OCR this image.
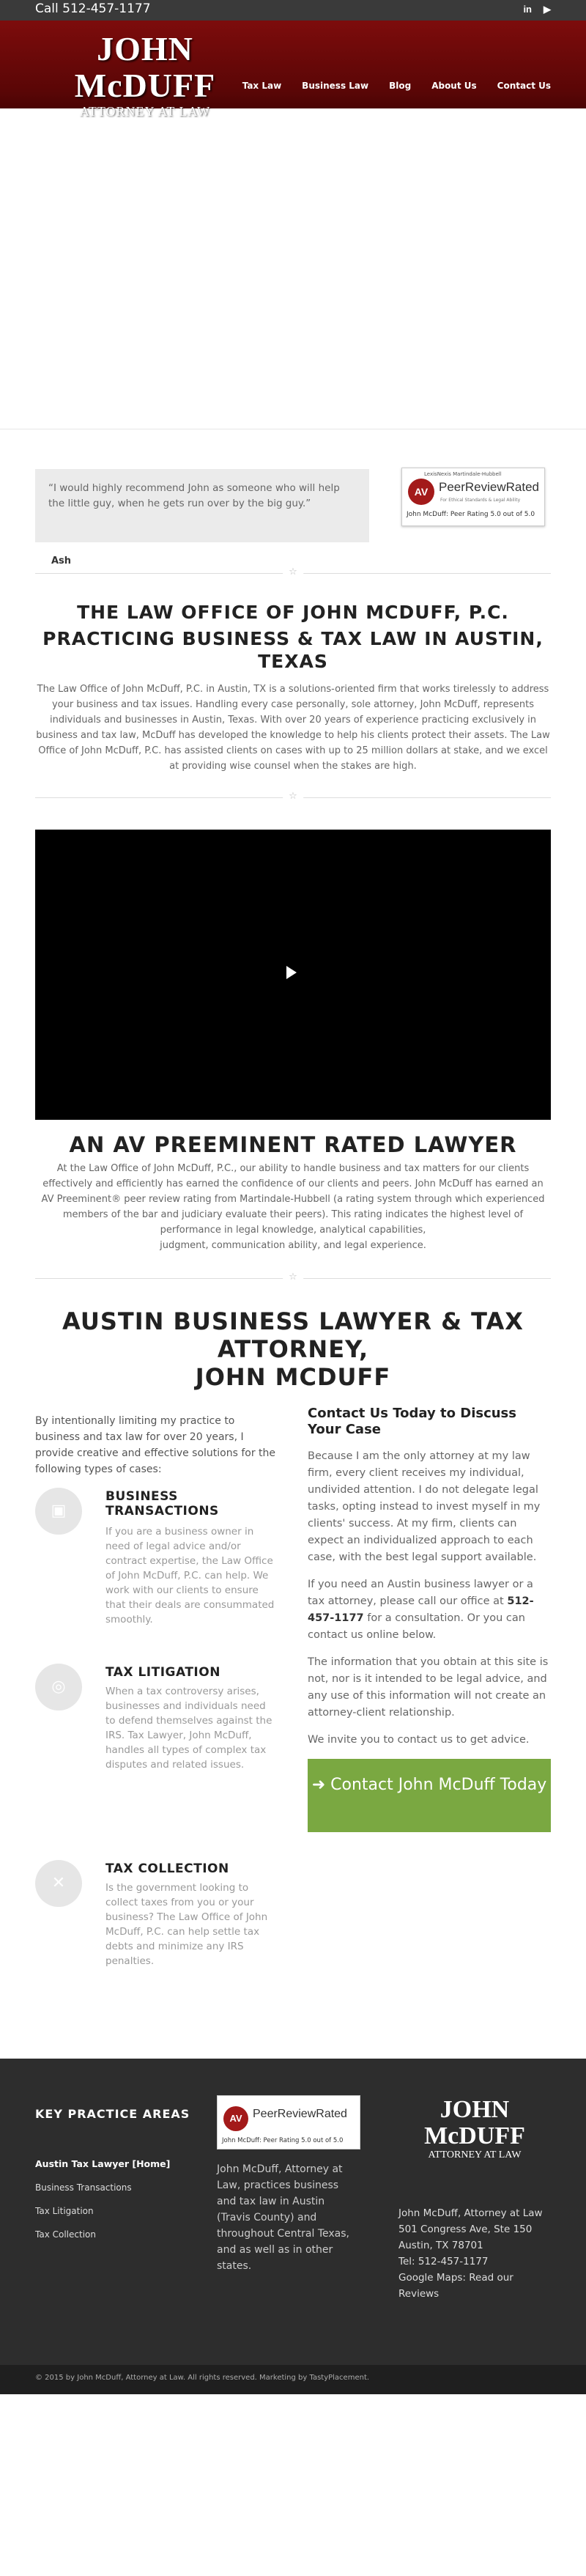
Call 512-457-1177	in ▶
JOHN McDUFF
ATTORNEY AT LAW
Tax Law Business Law Blog About Us Contact Us

“I would highly recommend John as someone who will help the little guy, when he gets run over by the big guy.”

Ash
LexisNexis Martindale-Hubbell
AV PeerReviewRated
For Ethical Standards & Legal Ability
John McDuff: Peer Rating 5.0 out of 5.0
☆
THE LAW OFFICE OF JOHN MCDUFF, P.C.
PRACTICING BUSINESS & TAX LAW IN AUSTIN, TEXAS

The Law Office of John McDuff, P.C. in Austin, TX is a solutions-oriented firm that works tirelessly to address your business and tax issues. Handling every case personally, sole attorney, John McDuff, represents individuals and businesses in Austin, Texas. With over 20 years of experience practicing exclusively in business and tax law, McDuff has developed the knowledge to help his clients protect their assets. The Law Office of John McDuff, P.C. has assisted clients on cases with up to 25 million dollars at stake, and we excel at providing wise counsel when the stakes are high.

☆
AN AV PREEMINENT RATED LAWYER

At the Law Office of John McDuff, P.C., our ability to handle business and tax matters for our clients effectively and efficiently has earned the confidence of our clients and peers. John McDuff has earned an AV Preeminent® peer review rating from Martindale-Hubbell (a rating system through which experienced members of the bar and judiciary evaluate their peers). This rating indicates the highest level of performance in legal knowledge, analytical capabilities,

judgment, communication ability, and legal experience.

☆
AUSTIN BUSINESS LAWYER & TAX ATTORNEY,
JOHN MCDUFF
By intentionally limiting my practice to business and tax law for over 20 years, I provide creative and effective solutions for the following types of cases:
▣
BUSINESS TRANSACTIONS

If you are a business owner in need of legal advice and/or contract expertise, the Law Office of John McDuff, P.C. can help. We work with our clients to ensure that their deals are consummated smoothly.

◎
TAX LITIGATION

When a tax controversy arises, businesses and individuals need to defend themselves against the IRS. Tax Lawyer, John McDuff, handles all types of complex tax disputes and related issues.

✕
TAX COLLECTION

Is the government looking to collect taxes from you or your business? The Law Office of John McDuff, P.C. can help settle tax debts and minimize any IRS penalties.

Contact Us Today to Discuss Your Case

Because I am the only attorney at my law firm, every client receives my individual, undivided attention. I do not delegate legal tasks, opting instead to invest myself in my clients' success. At my firm, clients can expect an individualized approach to each case, with the best legal support available.

If you need an Austin business lawyer or a tax attorney, please call our office at 512-457-1177 for a consultation. Or you can contact us online below.

The information that you obtain at this site is not, nor is it intended to be legal advice, and any use of this information will not create an attorney-client relationship.

We invite you to contact us to get advice.

➜ Contact John McDuff Today
KEY PRACTICE AREAS
Austin Tax Lawyer [Home]
Business Transactions
Tax Litigation
Tax Collection
AV PeerReviewRated
John McDuff: Peer Rating 5.0 out of 5.0
John McDuff, Attorney at Law, practices business and tax law in Austin (Travis County) and throughout Central Texas, and as well as in other states.
JOHN McDUFF
ATTORNEY AT LAW
John McDuff, Attorney at Law
501 Congress Ave, Ste 150
Austin, TX 78701
Tel: 512-457-1177
Google Maps: Read our Reviews
© 2015 by John McDuff, Attorney at Law. All rights reserved. Marketing by TastyPlacement.
